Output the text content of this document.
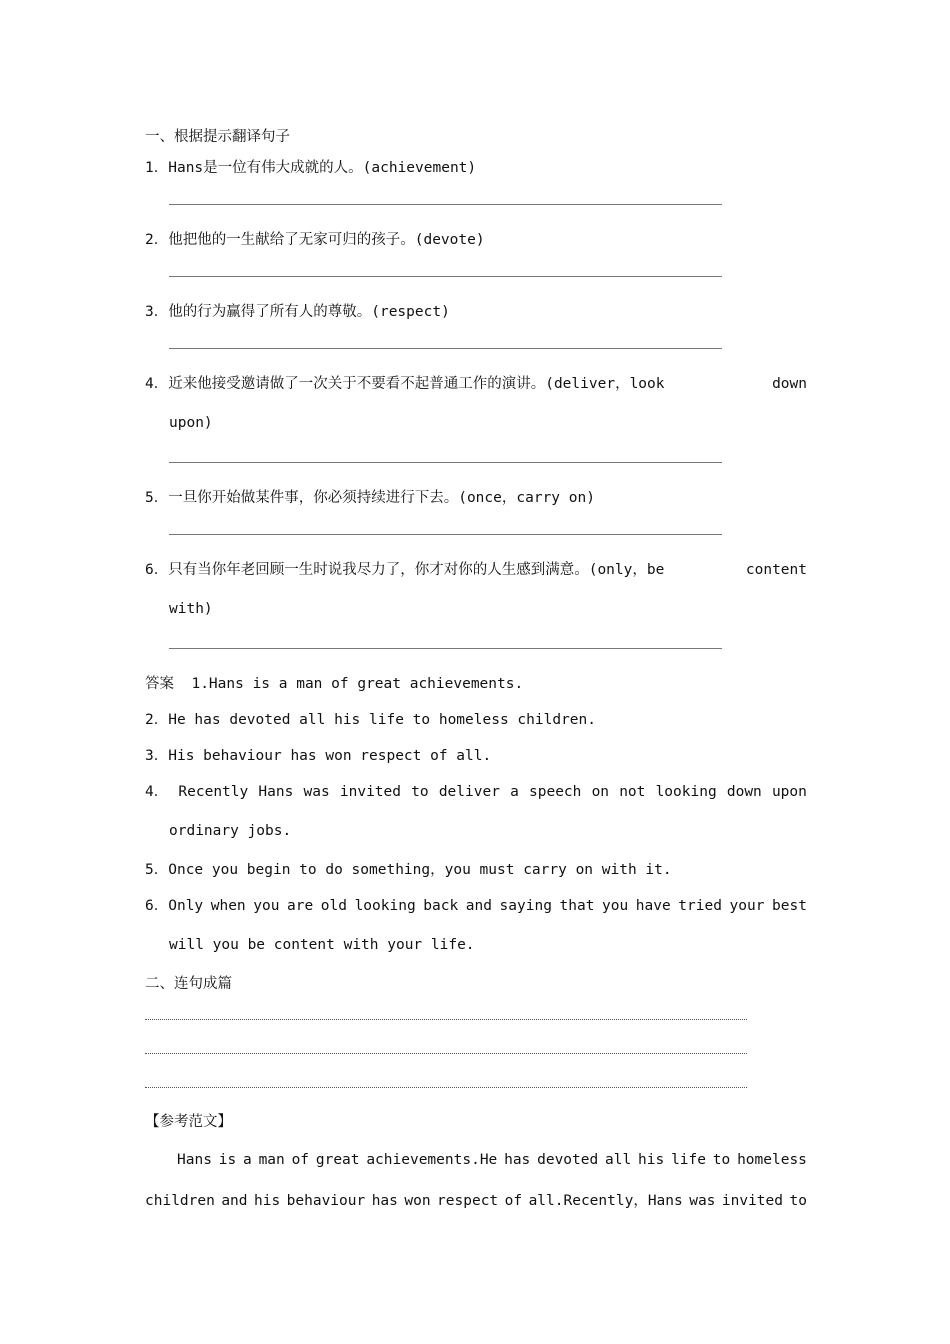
一、根据提示翻译句子
1．Hans是一位有伟大成就的人。(achievement)
2．他把他的一生献给了无家可归的孩子。(devote)
3．他的行为赢得了所有人的尊敬。(respect)
4．近来他接受邀请做了一次关于不要看不起普通工作的演讲。(deliver，look	down
upon)
5．一旦你开始做某件事，你必须持续进行下去。(once，carry on)
6．只有当你年老回顾一生时说我尽力了，你才对你的人生感到满意。(only，be	content
with)
答案 1.Hans is a man of great achievements.
2．He has devoted all his life to homeless children.
3．His behaviour has won respect of all.
4． Recently Hans was invited to deliver a speech on not looking down upon
ordinary jobs.
5．Once you begin to do something，you must carry on with it.
6．Only when you are old looking back and saying that you have tried your best
will you be content with your life.
二、连句成篇
【参考范文】
Hans is a man of great achievements.He has devoted all his life to homeless
children and his behaviour has won respect of all.Recently，Hans was invited to
